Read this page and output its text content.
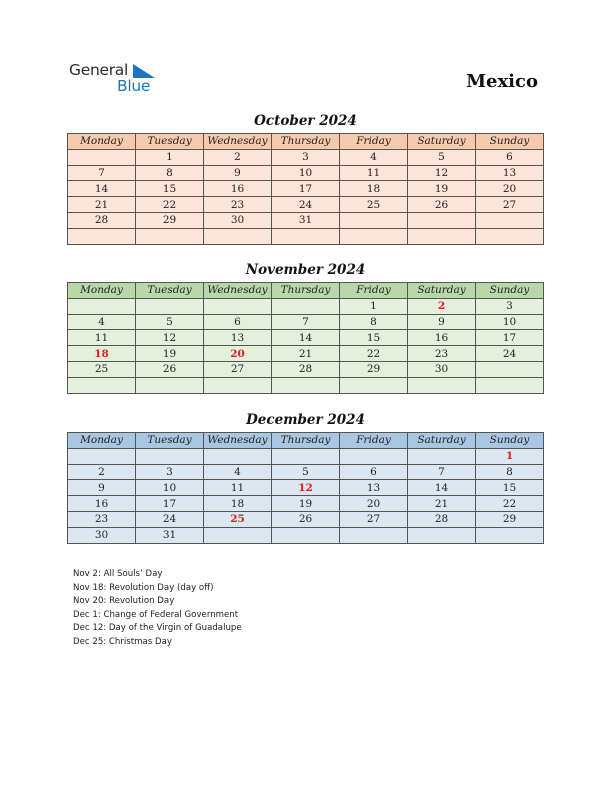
General
Blue	Mexico
October 2024
Monday	Tuesday	Wednesday	Thursday	Friday	Saturday	Sunday
	1	2	3	4	5	6
7	8	9	10	11	12	13
14	15	16	17	18	19	20
21	22	23	24	25	26	27
28	29	30	31			

November 2024
Monday	Tuesday	Wednesday	Thursday	Friday	Saturday	Sunday
				1	2	3
4	5	6	7	8	9	10
11	12	13	14	15	16	17
18	19	20	21	22	23	24
25	26	27	28	29	30	

December 2024
Monday	Tuesday	Wednesday	Thursday	Friday	Saturday	Sunday
						1
2	3	4	5	6	7	8
9	10	11	12	13	14	15
16	17	18	19	20	21	22
23	24	25	26	27	28	29
30	31					
Nov 2: All Souls’ Day
Nov 18: Revolution Day (day off)
Nov 20: Revolution Day
Dec 1: Change of Federal Government
Dec 12: Day of the Virgin of Guadalupe
Dec 25: Christmas Day
